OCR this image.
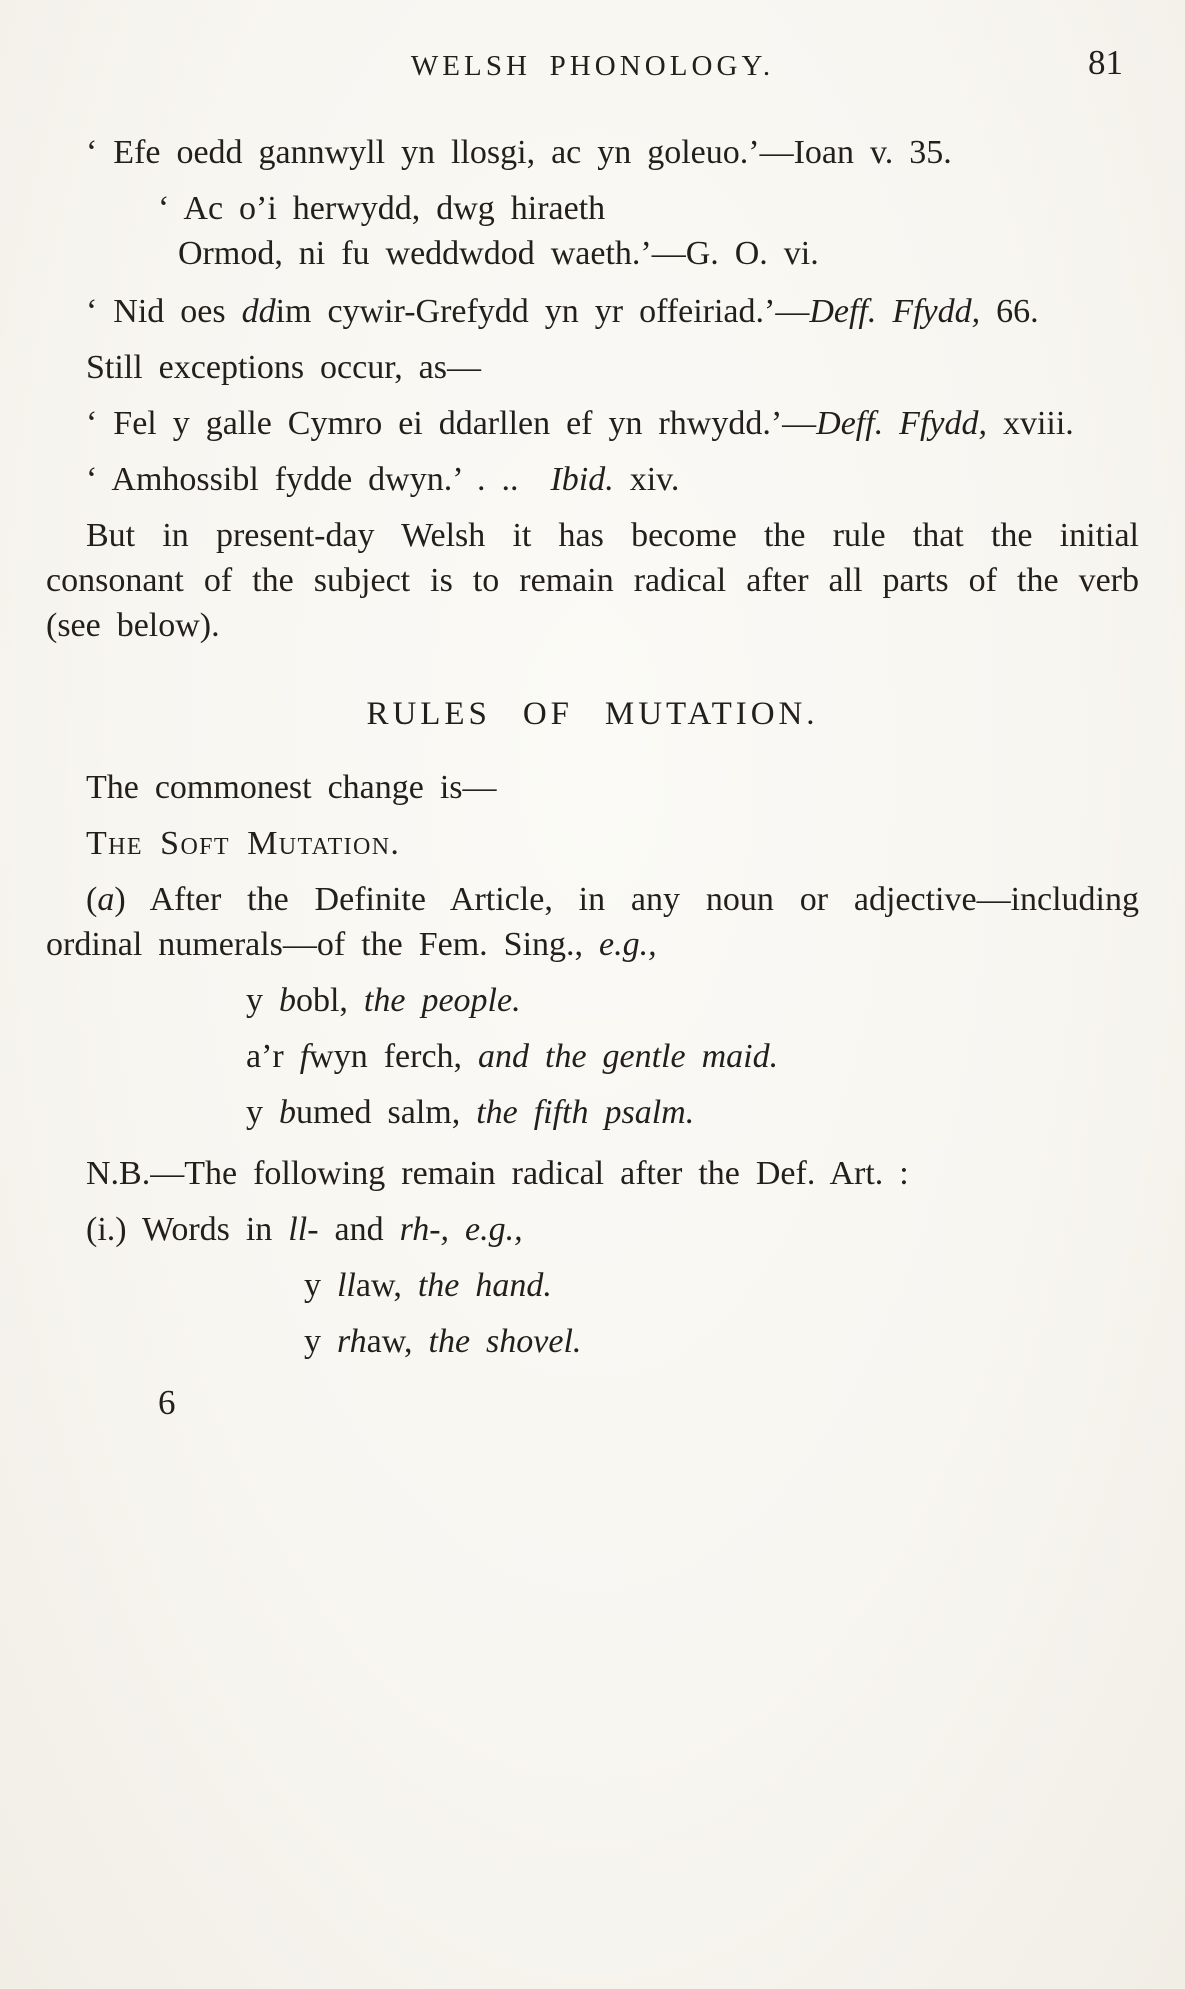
WELSH PHONOLOGY.	81

‘ Efe oedd gannwyll yn llosgi, ac yn goleuo.’—Ioan v. 35.

‘ Ac o’i herwydd, dwg hiraeth
Ormod, ni fu weddwdod waeth.’—G. O. vi.

‘ Nid oes ddim cywir-Grefydd yn yr offeiriad.’—Deff. Ffydd, 66.

Still exceptions occur, as—

‘ Fel y galle Cymro ei ddarllen ef yn rhwydd.’—Deff. Ffydd, xviii.

‘ Amhossibl fydde dwyn.’ . ..  Ibid. xiv.

But in present-day Welsh it has become the rule that the initial consonant of the subject is to remain radical after all parts of the verb (see below).

RULES OF MUTATION.

The commonest change is—

The Soft Mutation.

(a) After the Definite Article, in any noun or adjective—including ordinal numerals—of the Fem. Sing., e.g.,

y bobl, the people.
a’r fwyn ferch, and the gentle maid.
y bumed salm, the fifth psalm.

N.B.—The following remain radical after the Def. Art. :

(i.) Words in ll- and rh-, e.g.,

y llaw, the hand.
y rhaw, the shovel.
6
